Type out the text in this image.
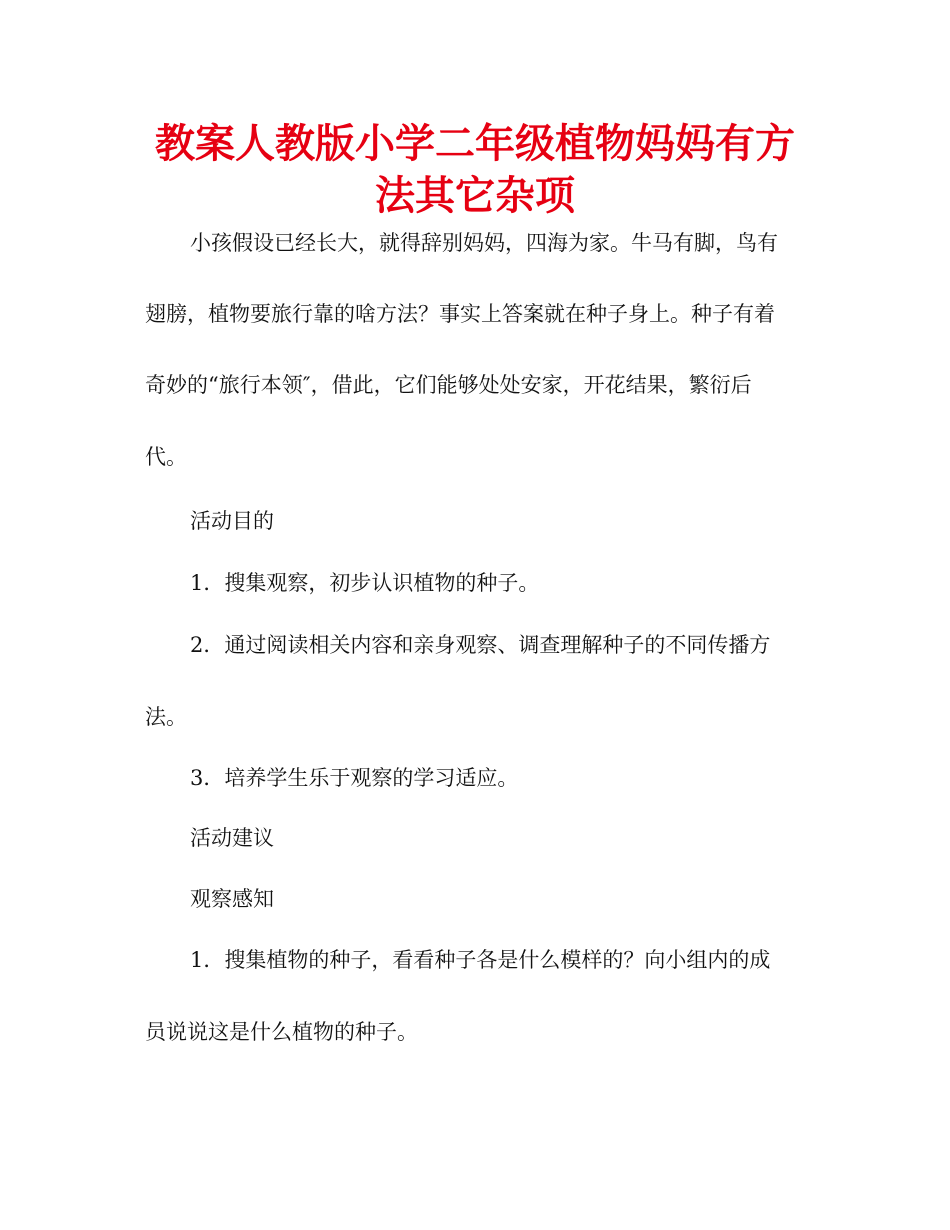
教案人教版小学二年级植物妈妈有方法其它杂项

小孩假设已经长大，就得辞别妈妈，四海为家。牛马有脚，鸟有

翅膀，植物要旅行靠的啥方法？事实上答案就在种子身上。种子有着

奇妙的“旅行本领″，借此，它们能够处处安家，开花结果，繁衍后

代。

活动目的

1．搜集观察，初步认识植物的种子。

2．通过阅读相关内容和亲身观察、调查理解种子的不同传播方

法。

3．培养学生乐于观察的学习适应。

活动建议

观察感知

1．搜集植物的种子，看看种子各是什么模样的？向小组内的成

员说说这是什么植物的种子。
